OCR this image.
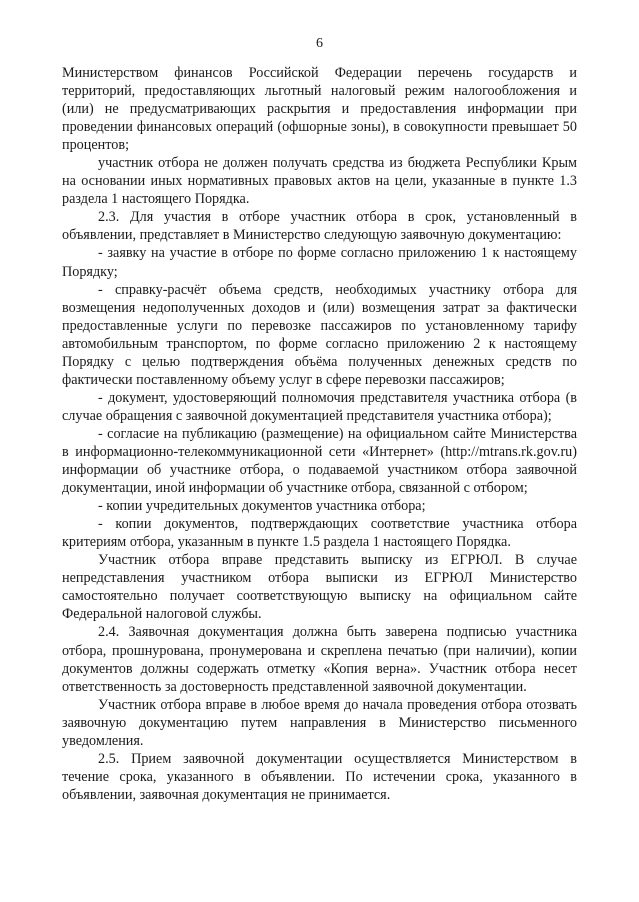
6

Министерством финансов Российской Федерации перечень государств и территорий, предоставляющих льготный налоговый режим налогообложения и (или) не предусматривающих раскрытия и предоставления информации при проведении финансовых операций (офшорные зоны), в совокупности превышает 50 процентов;

участник отбора не должен получать средства из бюджета Республики Крым на основании иных нормативных правовых актов на цели, указанные в пункте 1.3 раздела 1 настоящего Порядка.

2.3. Для участия в отборе участник отбора в срок, установленный в объявлении, представляет в Министерство следующую заявочную документацию:

- заявку на участие в отборе по форме согласно приложению 1 к настоящему Порядку;

- справку-расчёт объема средств, необходимых участнику отбора для возмещения недополученных доходов и (или) возмещения затрат за фактически предоставленные услуги по перевозке пассажиров по установленному тарифу автомобильным транспортом, по форме согласно приложению 2 к настоящему Порядку с целью подтверждения объёма полученных денежных средств по фактически поставленному объему услуг в сфере перевозки пассажиров;

- документ, удостоверяющий полномочия представителя участника отбора (в случае обращения с заявочной документацией представителя участника отбора);

- согласие на публикацию (размещение) на официальном сайте Министерства в информационно-телекоммуникационной сети «Интернет» (http://mtrans.rk.gov.ru) информации об участнике отбора, о подаваемой участником отбора заявочной документации, иной информации об участнике отбора, связанной с отбором;

- копии учредительных документов участника отбора;

- копии документов, подтверждающих соответствие участника отбора критериям отбора, указанным в пункте 1.5 раздела 1 настоящего Порядка.

Участник отбора вправе представить выписку из ЕГРЮЛ. В случае непредставления участником отбора выписки из ЕГРЮЛ Министерство самостоятельно получает соответствующую выписку на официальном сайте Федеральной налоговой службы.

2.4. Заявочная документация должна быть заверена подписью участника отбора, прошнурована, пронумерована и скреплена печатью (при наличии), копии документов должны содержать отметку «Копия верна». Участник отбора несет ответственность за достоверность представленной заявочной документации.

Участник отбора вправе в любое время до начала проведения отбора отозвать заявочную документацию путем направления в Министерство письменного уведомления.

2.5. Прием заявочной документации осуществляется Министерством в течение срока, указанного в объявлении. По истечении срока, указанного в объявлении, заявочная документация не принимается.
